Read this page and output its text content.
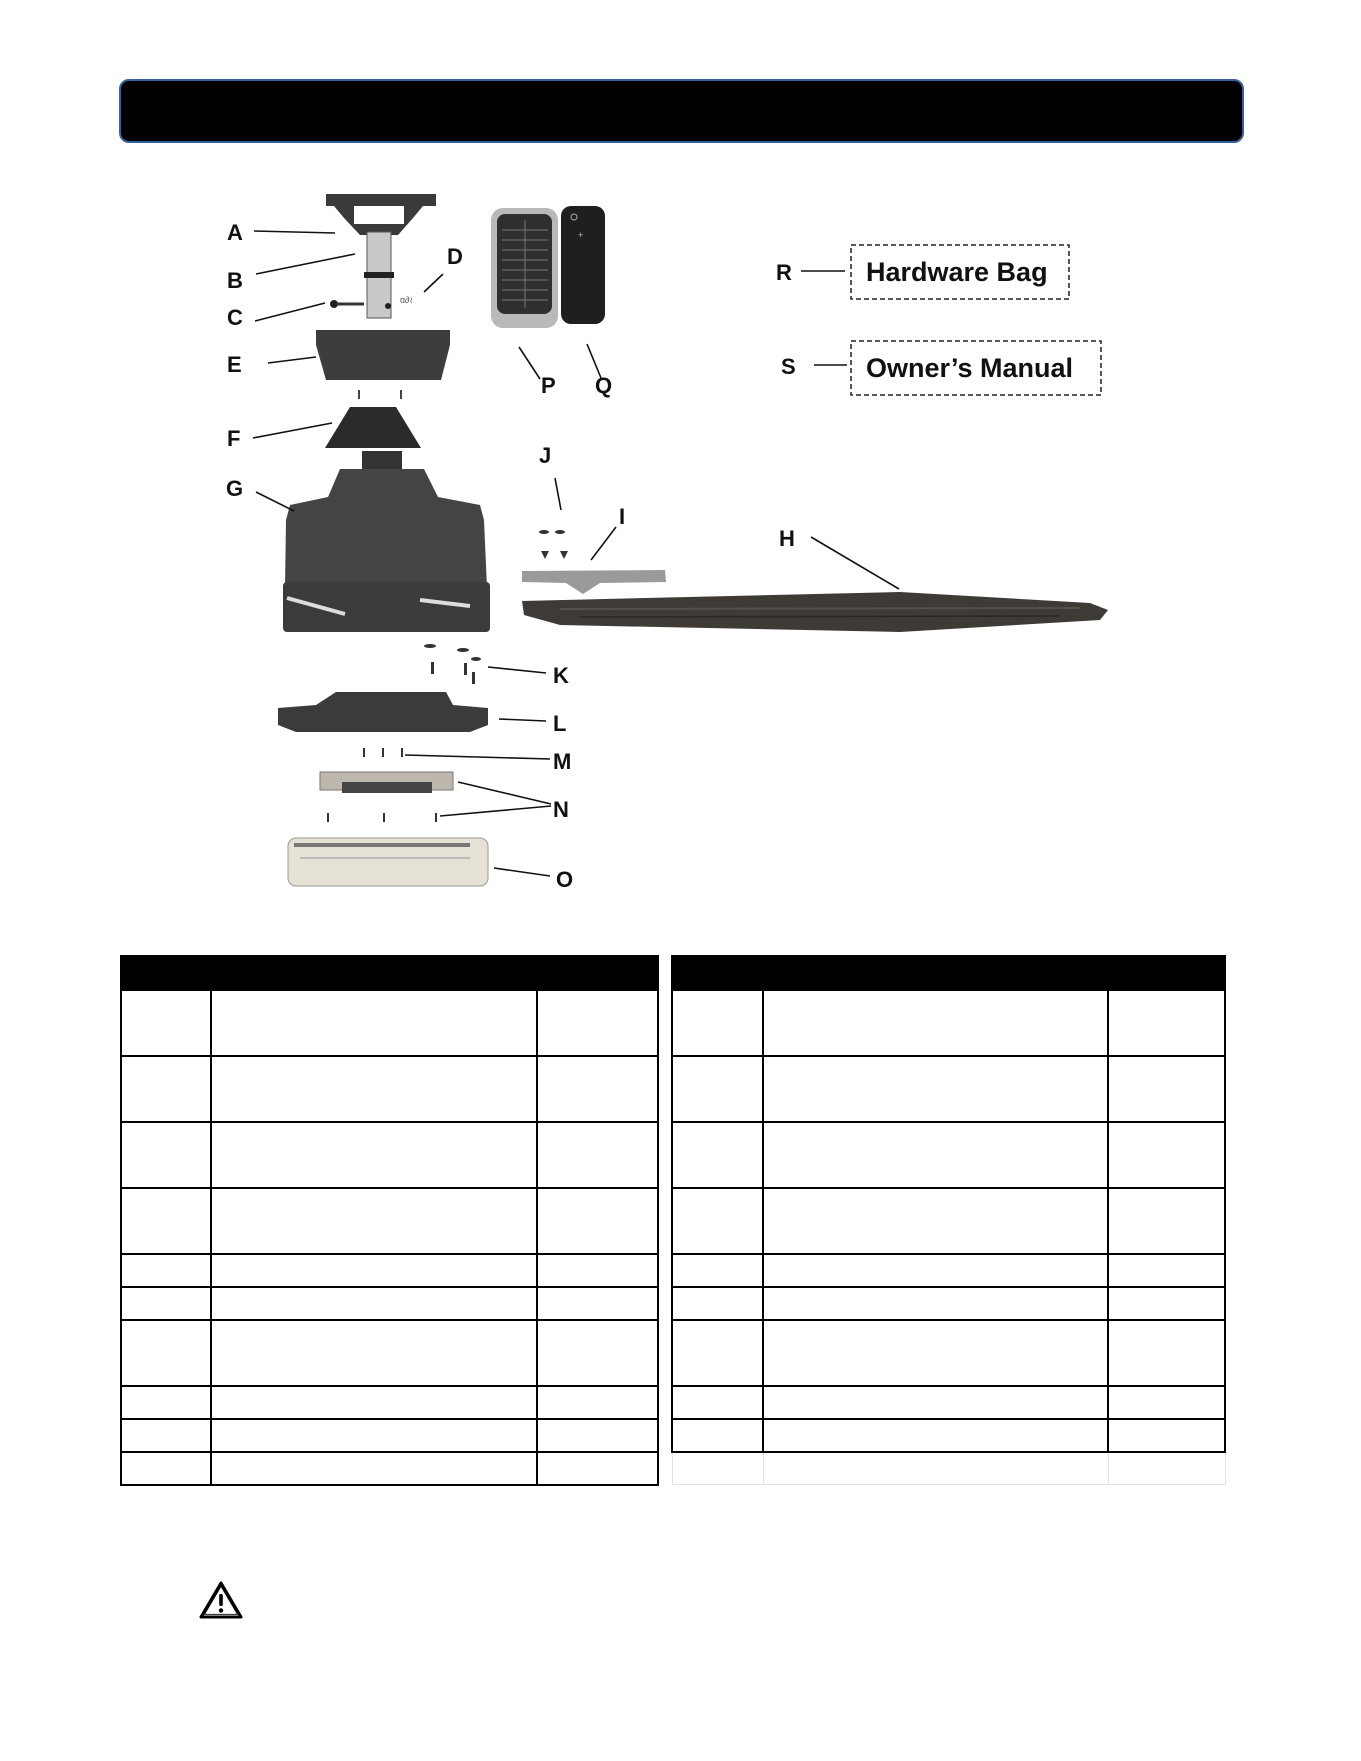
ɑ∂≀
+
A
B
C
D
E
F
G
H
I
J
K
L
M
N
O
P Q
R
S
Hardware Bag
Owner’s Manual
